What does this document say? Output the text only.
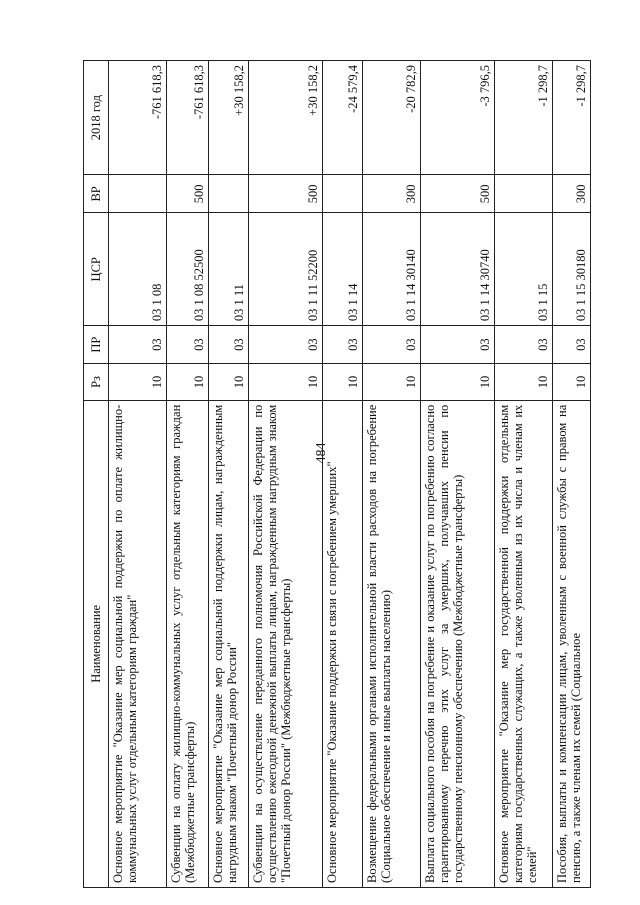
484
Наименование	Рз	ПР	ЦСР	ВР	2018 год
Основное мероприятие "Оказание мер социальной поддержки по оплате жилищно-коммунальных услуг отдельным категориям граждан"	10	03	03 1 08		-761 618,3
Субвенции на оплату жилищно-коммунальных услуг отдельным категориям граждан (Межбюджетные трансферты)	10	03	03 1 08 52500	500	-761 618,3
Основное мероприятие "Оказание мер социальной поддержки лицам, награжденным нагрудным знаком "Почетный донор России"	10	03	03 1 11		+30 158,2
Субвенции на осуществление переданного полномочия Российской Федерации по осуществлению ежегодной денежной выплаты лицам, награжденным нагрудным знаком "Почетный донор России" (Межбюджетные трансферты)	10	03	03 1 11 52200	500	+30 158,2
Основное мероприятие "Оказание поддержки в связи с погребением умерших"	10	03	03 1 14		-24 579,4
Возмещение федеральными органами исполнительной власти расходов на погребение (Социальное обеспечение и иные выплаты населению)	10	03	03 1 14 30140	300	-20 782,9
Выплата социального пособия на погребение и оказание услуг по погребению согласно гарантированному перечню этих услуг за умерших, получавших пенсии по государственному пенсионному обеспечению (Межбюджетные трансферты)	10	03	03 1 14 30740	500	-3 796,5
Основное мероприятие "Оказание мер государственной поддержки отдельным категориям государственных служащих, а также уволенным из их числа и членам их семей"	10	03	03 1 15		-1 298,7
Пособия, выплаты и компенсации лицам, уволенным с военной службы с правом на пенсию, а также членам их семей (Социальное	10	03	03 1 15 30180	300	-1 298,7
